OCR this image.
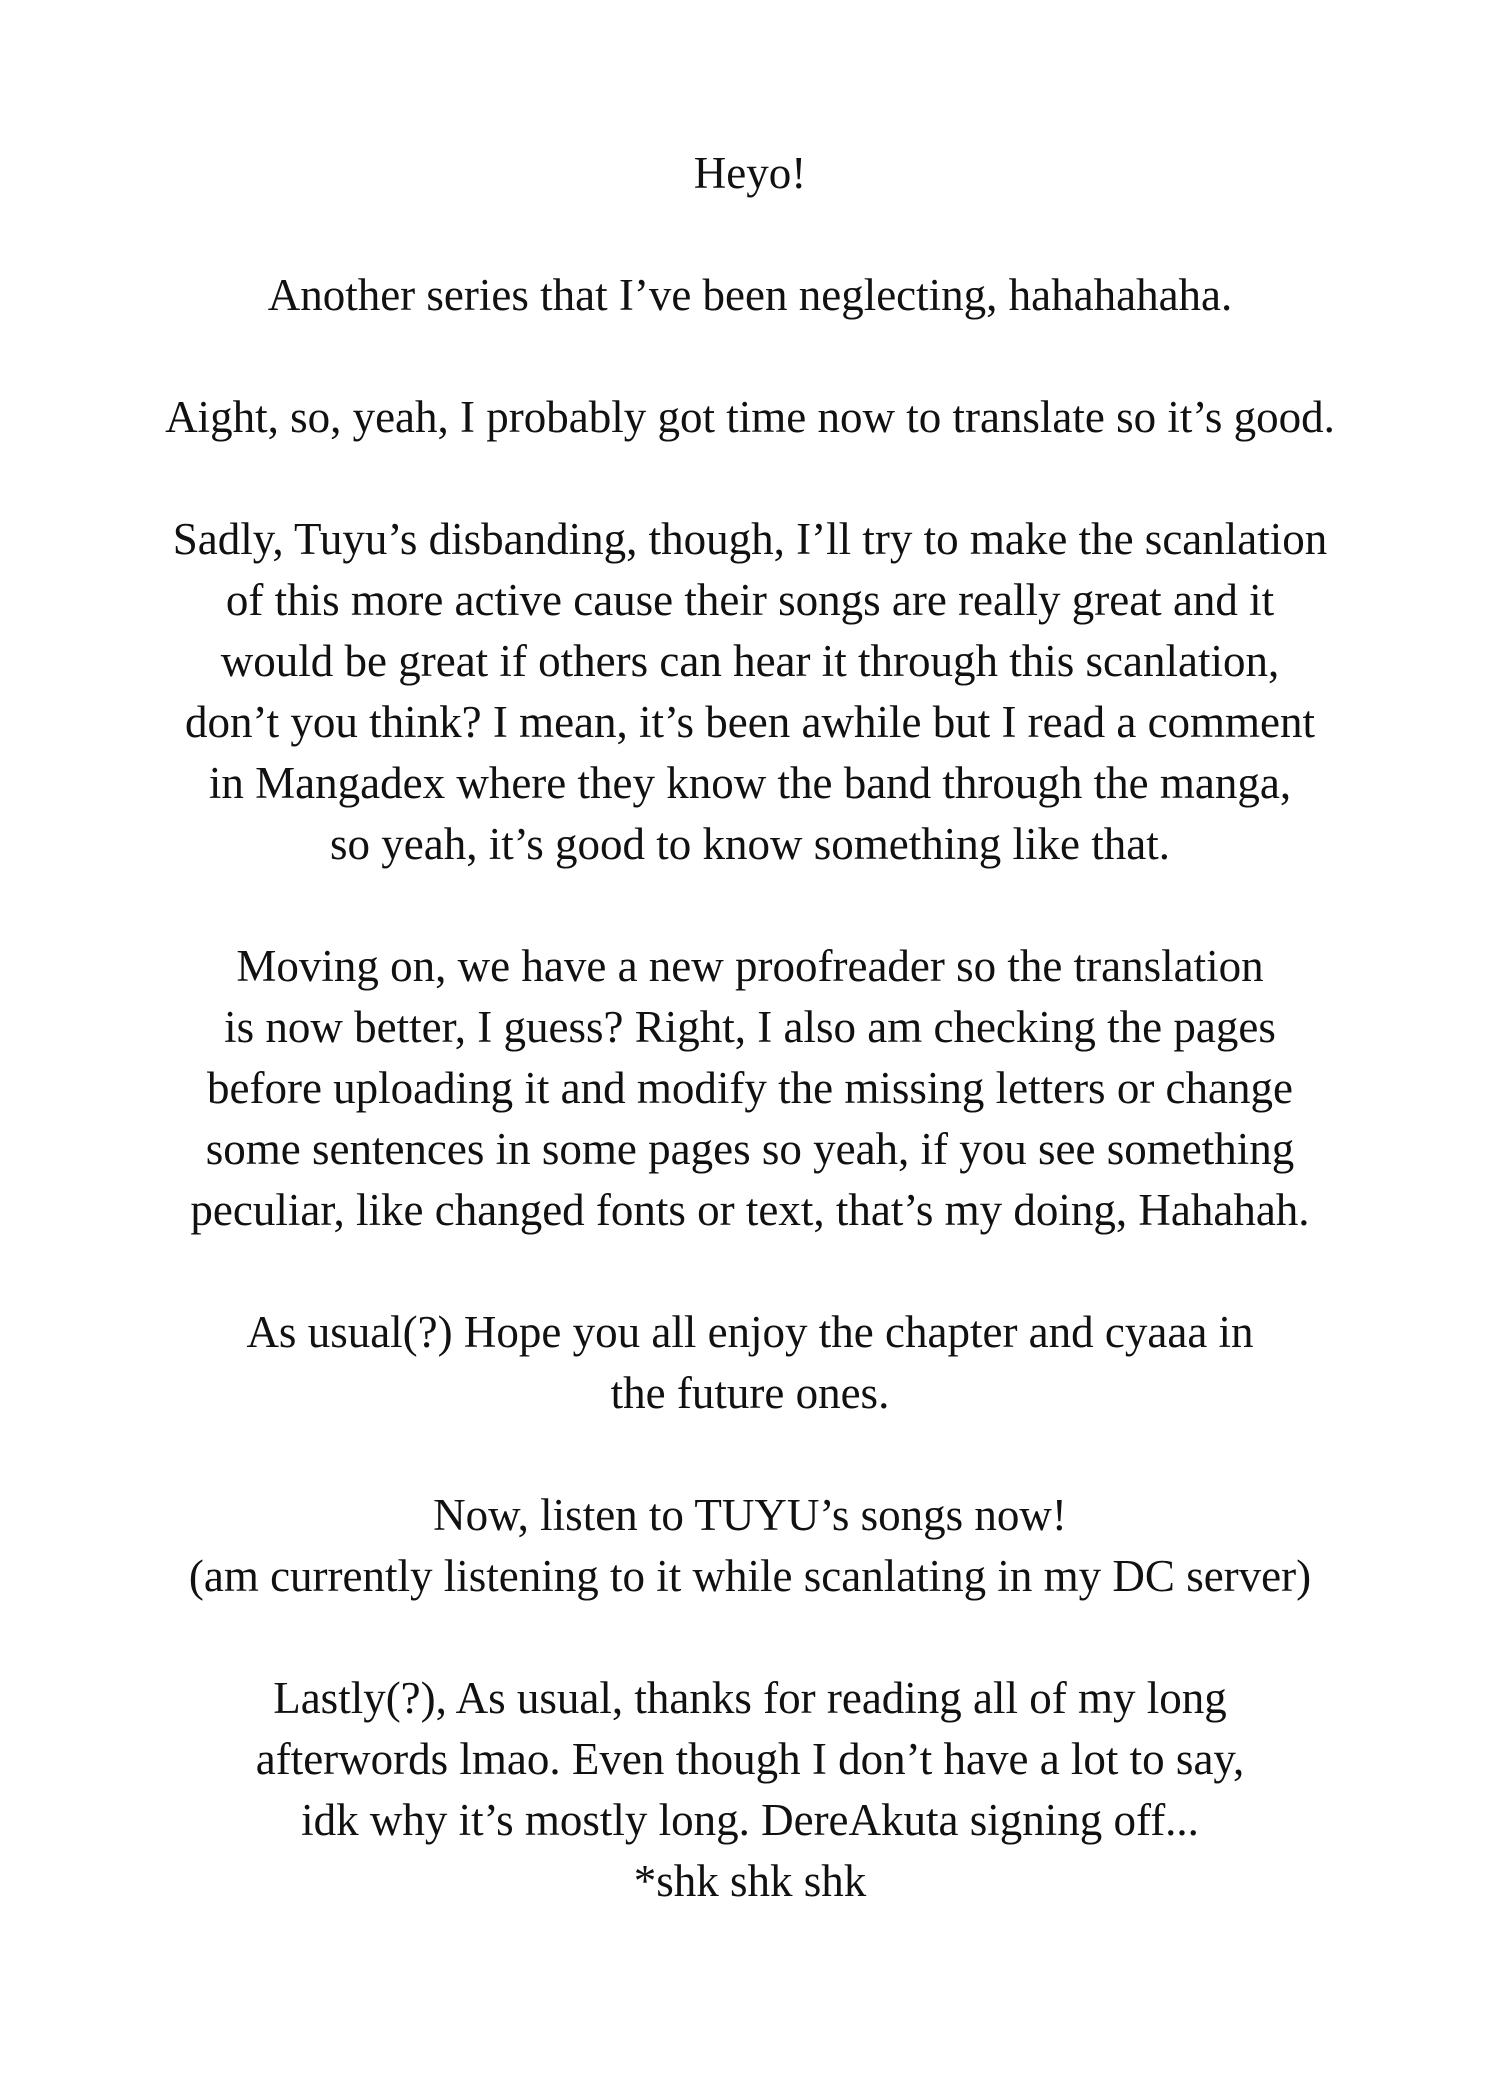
Heyo!

Another series that I’ve been neglecting, hahahahaha.

Aight, so, yeah, I probably got time now to translate so it’s good.

Sadly, Tuyu’s disbanding, though, I’ll try to make the scanlation
of this more active cause their songs are really great and it
would be great if others can hear it through this scanlation,
don’t you think? I mean, it’s been awhile but I read a comment
in Mangadex where they know the band through the manga,
so yeah, it’s good to know something like that.

Moving on, we have a new proofreader so the translation
is now better, I guess? Right, I also am checking the pages
before uploading it and modify the missing letters or change
some sentences in some pages so yeah, if you see something
peculiar, like changed fonts or text, that’s my doing, Hahahah.

As usual(?) Hope you all enjoy the chapter and cyaaa in
the future ones.

Now, listen to TUYU’s songs now!
(am currently listening to it while scanlating in my DC server)

Lastly(?), As usual, thanks for reading all of my long
afterwords lmao. Even though I don’t have a lot to say,
idk why it’s mostly long. DereAkuta signing off...
*shk shk shk
